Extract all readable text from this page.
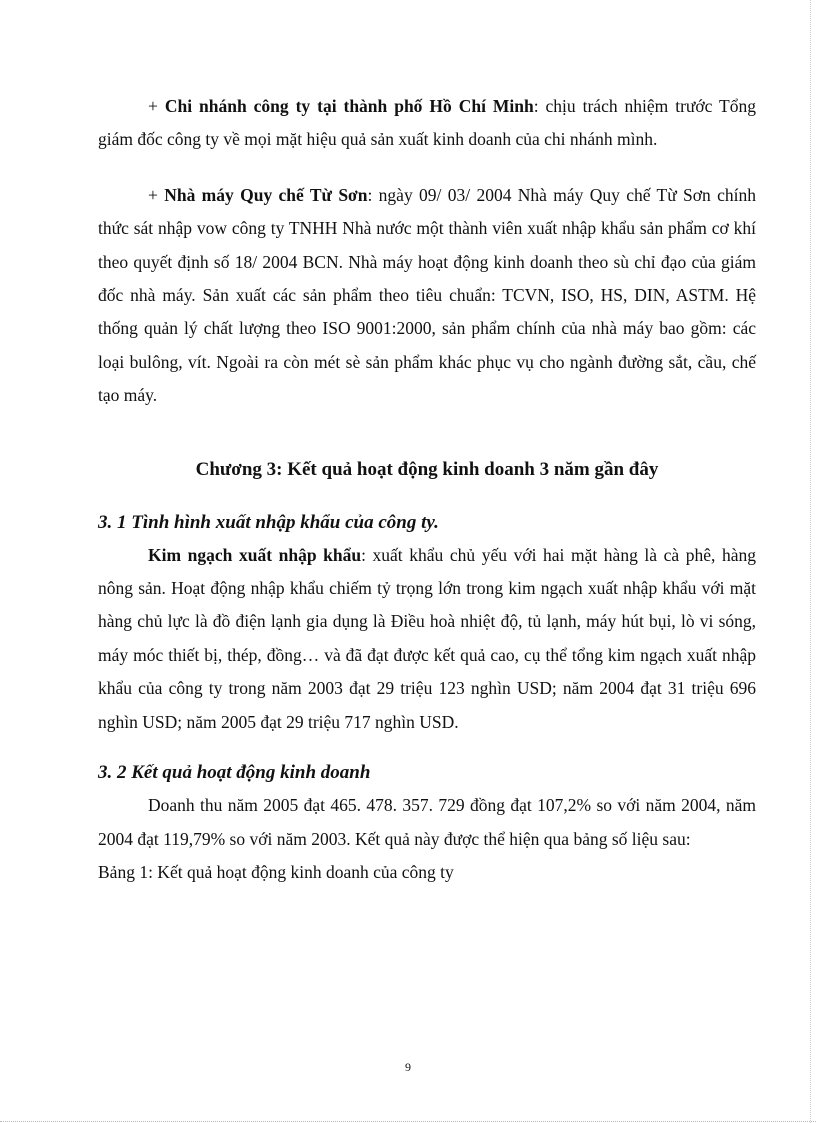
+ Chi nhánh công ty tại thành phố Hồ Chí Minh: chịu trách nhiệm trước Tổng giám đốc công ty về mọi mặt hiệu quả sản xuất kinh doanh của chi nhánh mình.

+ Nhà máy Quy chế Từ Sơn: ngày 09/ 03/ 2004 Nhà máy Quy chế Từ Sơn chính thức sát nhập vow công ty TNHH Nhà nước một thành viên xuất nhập khẩu sản phẩm cơ khí theo quyết định số 18/ 2004 BCN. Nhà máy hoạt động kinh doanh theo sù chỉ đạo của giám đốc nhà máy. Sản xuất các sản phẩm theo tiêu chuẩn: TCVN, ISO, HS, DIN, ASTM. Hệ thống quản lý chất lượng theo ISO 9001:2000, sản phẩm chính của nhà máy bao gồm: các loại bulông, vít. Ngoài ra còn mét sè sản phẩm khác phục vụ cho ngành đường sắt, cầu, chế tạo máy.

Chương 3: Kết quả hoạt động kinh doanh 3 năm gần đây
3. 1 Tình hình xuất nhập khẩu của công ty.

Kim ngạch xuất nhập khẩu: xuất khẩu chủ yếu với hai mặt hàng là cà phê, hàng nông sản. Hoạt động nhập khẩu chiếm tỷ trọng lớn trong kim ngạch xuất nhập khẩu với mặt hàng chủ lực là đồ điện lạnh gia dụng là Điều hoà nhiệt độ, tủ lạnh, máy hút bụi, lò vi sóng, máy móc thiết bị, thép, đồng… và đã đạt được kết quả cao, cụ thể tổng kim ngạch xuất nhập khẩu của công ty trong năm 2003 đạt 29 triệu 123 nghìn USD; năm 2004 đạt 31 triệu 696 nghìn USD; năm 2005 đạt 29 triệu 717 nghìn USD.

3. 2 Kết quả hoạt động kinh doanh

Doanh thu năm 2005 đạt 465. 478. 357. 729 đồng đạt 107,2% so với năm 2004, năm 2004 đạt 119,79% so với năm 2003. Kết quả này được thể hiện qua bảng số liệu sau:

Bảng 1: Kết quả hoạt động kinh doanh của công ty

9
